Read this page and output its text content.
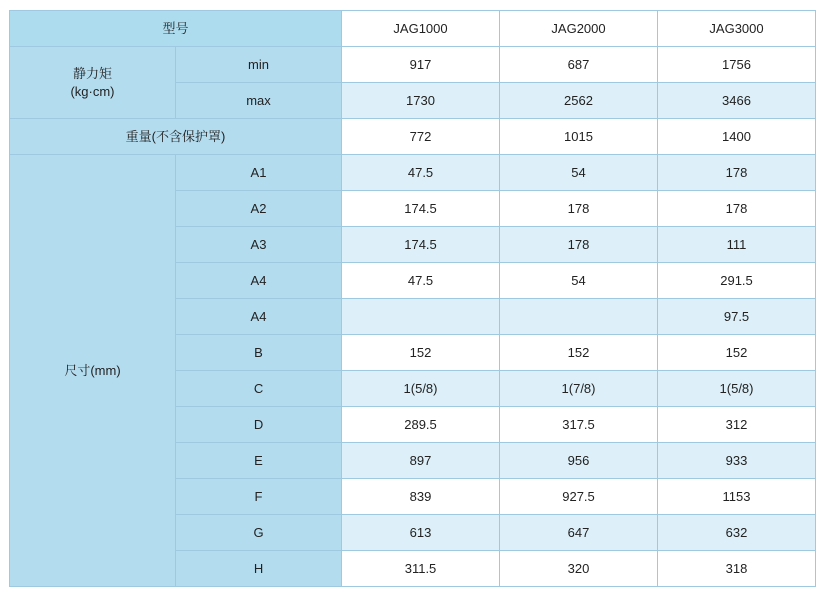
型号		JAG1000	JAG2000	JAG3000

静力矩
(kg·cm)	min	917	687	1756
	max	1730	2562	3466

重量(不含保护罩)		772	1015	1400

尺寸(mm)	A1	47.5	54	178
	A2	174.5	178	178
	A3	174.5	178	111
	A4	47.5	54	291.5
	A4			97.5
	B	152	152	152
	C	1(5/8)	1(7/8)	1(5/8)
	D	289.5	317.5	312
	E	897	956	933
	F	839	927.5	1153
	G	613	647	632
	H	311.5	320	318
